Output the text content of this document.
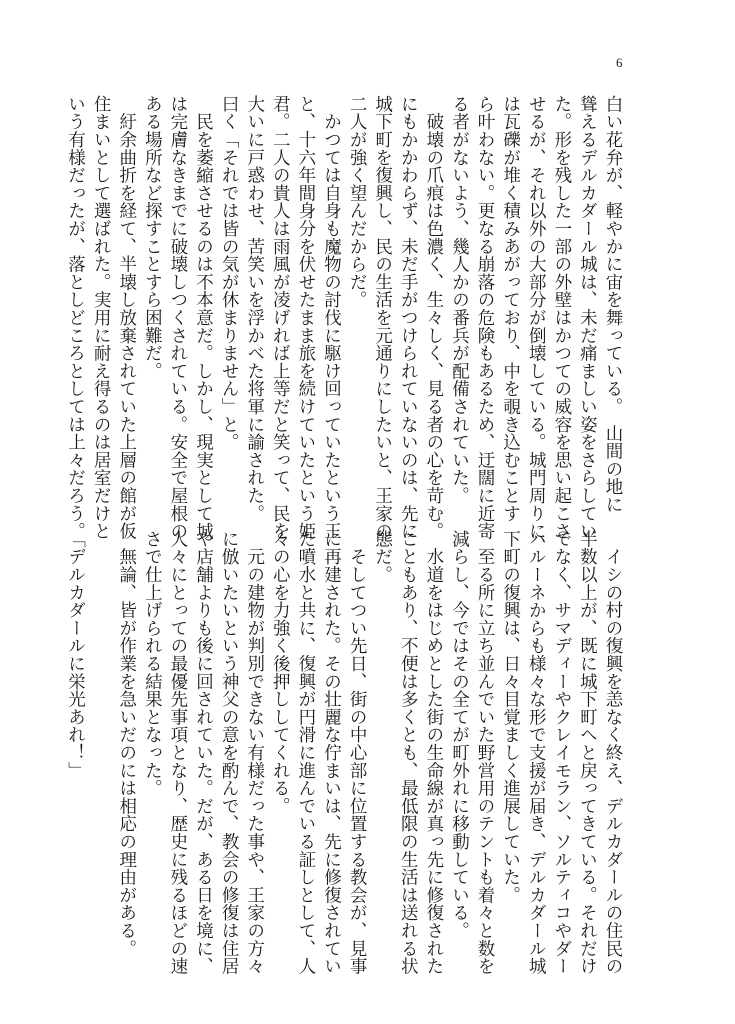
6
白い花弁が、軽やかに宙を舞っている。　山間の地に
聳えるデルカダール城は、未だ痛ましい姿をさらしてい
た。形を残した一部の外壁はかつての威容を思い起こさ
せるが、それ以外の大部分が倒壊している。城門周りに
は瓦礫が堆く積みあがっており、中を覗き込むことす
ら叶わない。更なる崩落の危険もあるため、迂闊に近寄
る者がないよう、幾人かの番兵が配備されていた。
　破壊の爪痕は色濃く、生々しく、見る者の心を苛む。
にもかかわらず、未だ手がつけられていないのは、先に
城下町を復興し、民の生活を元通りにしたいと、王家の
二人が強く望んだからだ。
　かつては自身も魔物の討伐に駆け回っていたという王
と、十六年間身分を伏せたまま旅を続けていたという姫
君。二人の貴人は雨風が凌げれば上等だと笑って、民を
大いに戸惑わせ、苦笑いを浮かべた将軍に諭された。
曰く「それでは皆の気が休まりません」と。
　民を萎縮させるのは不本意だ。しかし、現実として城
は完膚なきまでに破壊しつくされている。安全で屋根の
ある場所など探すことすら困難だ。
　紆余曲折を経て、半壊し放棄されていた上層の館が仮
住まいとして選ばれた。実用に耐え得るのは居室だけと
いう有様だったが、落としどころとしては上々だろう。
　イシの村の復興を恙なく終え、デルカダールの住民の
半数以上が、既に城下町へと戻ってきている。それだけ
でなく、サマディーやクレイモラン、ソルティコやダー
ハルーネからも様々な形で支援が届き、デルカダール城
下町の復興は、日々目覚ましく進展していた。
　至る所に立ち並んでいた野営用のテントも着々と数を
減らし、今ではその全てが町外れに移動している。
　水道をはじめとした街の生命線が真っ先に修復された
こともあり、不便は多くとも、最低限の生活は送れる状
態だ。
　そしてつい先日、街の中心部に位置する教会が、見事
に再建された。その壮麗な佇まいは、先に修復されてい
た噴水と共に、復興が円滑に進んでいる証しとして、人
々の心を力強く後押ししてくれる。
　元の建物が判別できない有様だった事や、王家の方々
に倣いたいという神父の意を酌んで、教会の修復は住居
や店舗よりも後に回されていた。だが、ある日を境に、
人々にとっての最優先事項となり、歴史に残るほどの速
さで仕上げられる結果となった。
　無論、皆が作業を急いだのには相応の理由がある。

「デルカダールに栄光あれ！」
